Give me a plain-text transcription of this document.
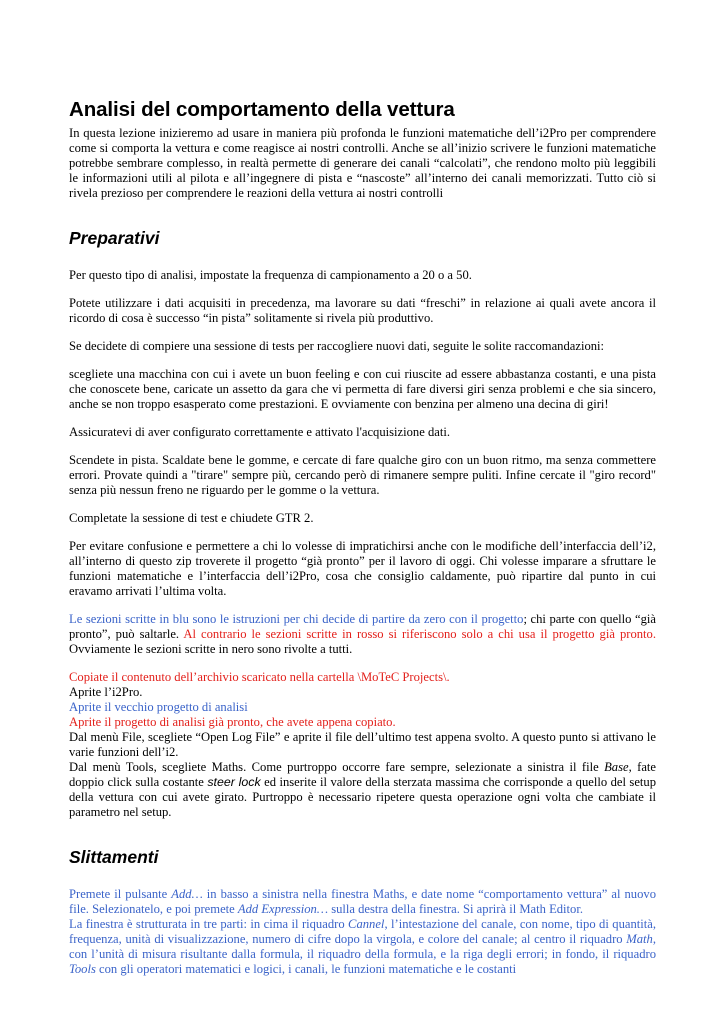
Analisi del comportamento della vettura

In questa lezione inizieremo ad usare in maniera più profonda le funzioni matematiche dell’i2Pro per comprendere come si comporta la vettura e come reagisce ai nostri controlli. Anche se all’inizio scrivere le funzioni matematiche potrebbe sembrare complesso, in realtà permette di generare dei canali “calcolati”, che rendono molto più leggibili le informazioni utili al pilota e all’ingegnere di pista e “nascoste” all’interno dei canali memorizzati. Tutto ciò si rivela prezioso per comprendere le reazioni della vettura ai nostri controlli

Preparativi

Per questo tipo di analisi, impostate la frequenza di campionamento a 20 o a 50.

Potete utilizzare i dati acquisiti in precedenza, ma lavorare su dati “freschi” in relazione ai quali avete ancora il ricordo di cosa è successo “in pista” solitamente si rivela più produttivo.

Se decidete di compiere una sessione di tests per raccogliere nuovi dati, seguite le solite raccomandazioni:

scegliete una macchina con cui i avete un buon feeling e con cui riuscite ad essere abbastanza costanti, e una pista che conoscete bene, caricate un assetto da gara che vi permetta di fare diversi giri senza problemi e che sia sincero, anche se non troppo esasperato come prestazioni. E ovviamente con benzina per almeno una decina di giri!

Assicuratevi di aver configurato correttamente e attivato l'acquisizione dati.

Scendete in pista. Scaldate bene le gomme, e cercate di fare qualche giro con un buon ritmo, ma senza commettere errori. Provate quindi a "tirare" sempre più, cercando però di rimanere sempre puliti. Infine cercate il "giro record" senza più nessun freno ne riguardo per le gomme o la vettura.

Completate la sessione di test e chiudete GTR 2.

Per evitare confusione e permettere a chi lo volesse di impratichirsi anche con le modifiche dell’interfaccia dell’i2, all’interno di questo zip troverete il progetto “già pronto” per il lavoro di oggi. Chi volesse imparare a sfruttare le funzioni matematiche e l’interfaccia dell’i2Pro, cosa che consiglio caldamente, può ripartire dal punto in cui eravamo arrivati l’ultima volta.

Le sezioni scritte in blu sono le istruzioni per chi decide di partire da zero con il progetto; chi parte con quello “già pronto”, può saltarle. Al contrario le sezioni scritte in rosso si riferiscono solo a chi usa il progetto già pronto. Ovviamente le sezioni scritte in nero sono rivolte a tutti.

Copiate il contenuto dell’archivio scaricato nella cartella \MoTeC Projects\.

Aprite l’i2Pro.

Aprite il vecchio progetto di analisi

Aprite il progetto di analisi già pronto, che avete appena copiato.

Dal menù File, scegliete “Open Log File” e aprite il file dell’ultimo test appena svolto. A questo punto si attivano le varie funzioni dell’i2.

Dal menù Tools, scegliete Maths. Come purtroppo occorre fare sempre, selezionate a sinistra il file Base, fate doppio click sulla costante steer lock ed inserite il valore della sterzata massima che corrisponde a quello del setup della vettura con cui avete girato. Purtroppo è necessario ripetere questa operazione ogni volta che cambiate il parametro nel setup.

Slittamenti

Premete il pulsante Add… in basso a sinistra nella finestra Maths, e date nome “comportamento vettura” al nuovo file. Selezionatelo, e poi premete Add Expression… sulla destra della finestra. Si aprirà il Math Editor.

La finestra è strutturata in tre parti: in cima il riquadro Cannel, l’intestazione del canale, con nome, tipo di quantità, frequenza, unità di visualizzazione, numero di cifre dopo la virgola, e colore del canale; al centro il riquadro Math, con l’unità di misura risultante dalla formula, il riquadro della formula, e la riga degli errori; in fondo, il riquadro Tools con gli operatori matematici e logici, i canali, le funzioni matematiche e le costanti
